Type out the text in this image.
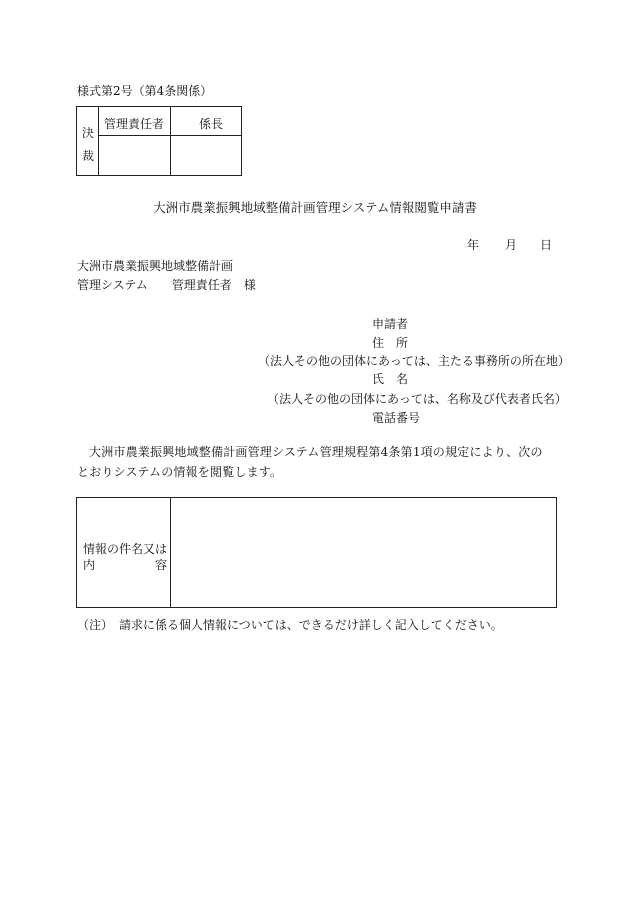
様式第2号（第4条関係）
決
裁
管理責任者	係長
大洲市農業振興地域整備計画管理システム情報閲覧申請書
年 月 日
大洲市農業振興地域整備計画
管理システム　　管理責任者　様
申請者
住　所
（法人その他の団体にあっては、主たる事務所の所在地）
氏　名
（法人その他の団体にあっては、名称及び代表者氏名）
電話番号
大洲市農業振興地域整備計画管理システム管理規程第4条第1項の規定により、次のとおりシステムの情報を閲覧します。
情報の件名又は
内	容
（注）　請求に係る個人情報については、できるだけ詳しく記入してください。
